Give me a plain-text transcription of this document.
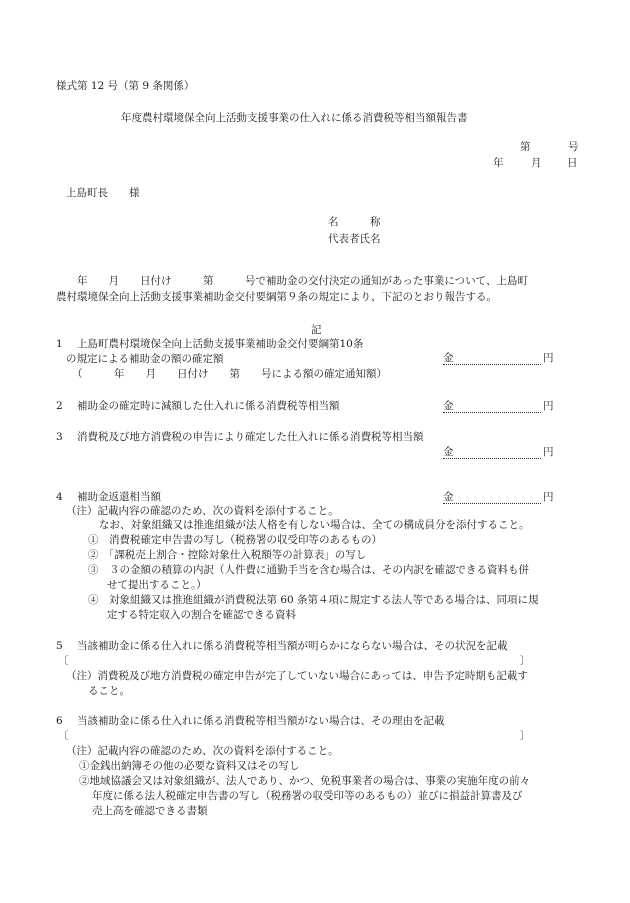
様式第 12 号（第 9 条関係）
年度農村環境保全向上活動支援事業の仕入れに係る消費税等相当額報告書
第	号
年	月 日
上島町長　　様
名　　　称
代表者氏名
年　　月　　日付け　　　第　　　号で補助金の交付決定の通知があった事業について、上島町
農村環境保全向上活動支援事業補助金交付要綱第９条の規定により、下記のとおり報告する。
記
1 上島町農村環境保全向上活動支援事業補助金交付要綱第10条
の規定による補助金の額の確定額	金	円
（　　　年　　月　　日付け　　第　　号による額の確定通知額）
2 補助金の確定時に減額した仕入れに係る消費税等相当額	金	円
3 消費税及び地方消費税の申告により確定した仕入れに係る消費税等相当額
金	円
4 補助金返還相当額	金	円
（注）記載内容の確認のため、次の資料を添付すること。
なお、対象組織又は推進組織が法人格を有しない場合は、全ての構成員分を添付すること。
①　消費税確定申告書の写し（税務署の収受印等のあるもの）
②　「課税売上割合・控除対象仕入税額等の計算表」の写し
③　３の金額の積算の内訳（人件費に通勤手当を含む場合は、その内訳を確認できる資料も併
せて提出すること。）
④　対象組織又は推進組織が消費税法第 60 条第４項に規定する法人等である場合は、同項に規
定する特定収入の割合を確認できる資料
5 当該補助金に係る仕入れに係る消費税等相当額が明らかにならない場合は、その状況を記載
〔	〕
（注）消費税及び地方消費税の確定申告が完了していない場合にあっては、申告予定時期も記載す
ること。
6 当該補助金に係る仕入れに係る消費税等相当額がない場合は、その理由を記載
〔	〕
（注）記載内容の確認のため、次の資料を添付すること。
①金銭出納簿その他の必要な資料又はその写し
②地域協議会又は対象組織が、法人であり、かつ、免税事業者の場合は、事業の実施年度の前々
年度に係る法人税確定申告書の写し（税務署の収受印等のあるもの）並びに損益計算書及び
売上高を確認できる書類
